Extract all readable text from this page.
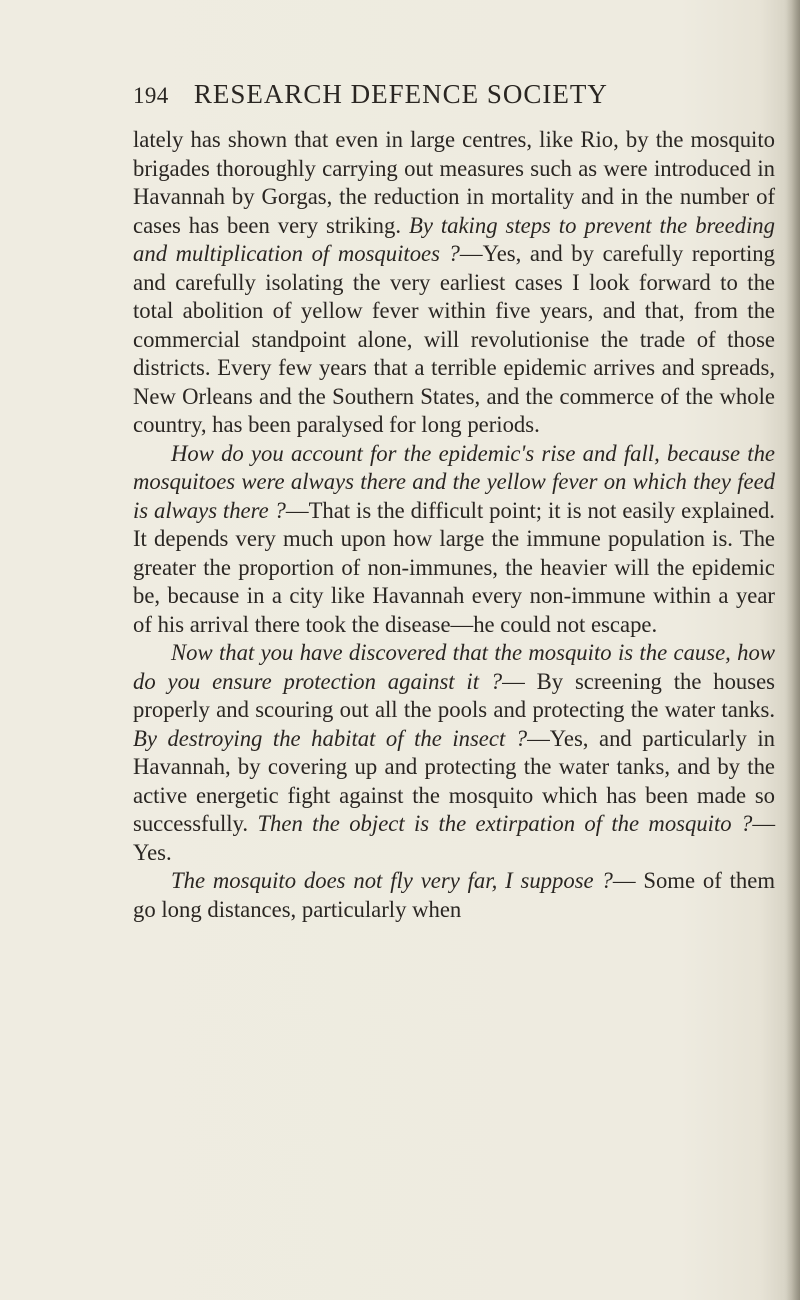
194 RESEARCH DEFENCE SOCIETY

lately has shown that even in large centres, like Rio, by the mosquito brigades thoroughly carrying out measures such as were introduced in Havannah by Gorgas, the reduction in mortality and in the number of cases has been very striking. By taking steps to prevent the breeding and multiplication of mosquitoes ?—Yes, and by carefully reporting and carefully isolating the very earliest cases I look forward to the total abolition of yellow fever within five years, and that, from the commercial standpoint alone, will revolutionise the trade of those districts. Every few years that a terrible epidemic arrives and spreads, New Orleans and the Southern States, and the commerce of the whole country, has been paralysed for long periods.

How do you account for the epidemic's rise and fall, because the mosquitoes were always there and the yellow fever on which they feed is always there ?—That is the difficult point; it is not easily explained. It depends very much upon how large the immune population is. The greater the proportion of non-immunes, the heavier will the epidemic be, because in a city like Havannah every non-immune within a year of his arrival there took the disease—he could not escape.

Now that you have discovered that the mosquito is the cause, how do you ensure protection against it ?— By screening the houses properly and scouring out all the pools and protecting the water tanks. By destroying the habitat of the insect ?—Yes, and particularly in Havannah, by covering up and protecting the water tanks, and by the active energetic fight against the mosquito which has been made so successfully. Then the object is the extirpation of the mosquito ?—Yes.

The mosquito does not fly very far, I suppose ?— Some of them go long distances, particularly when
